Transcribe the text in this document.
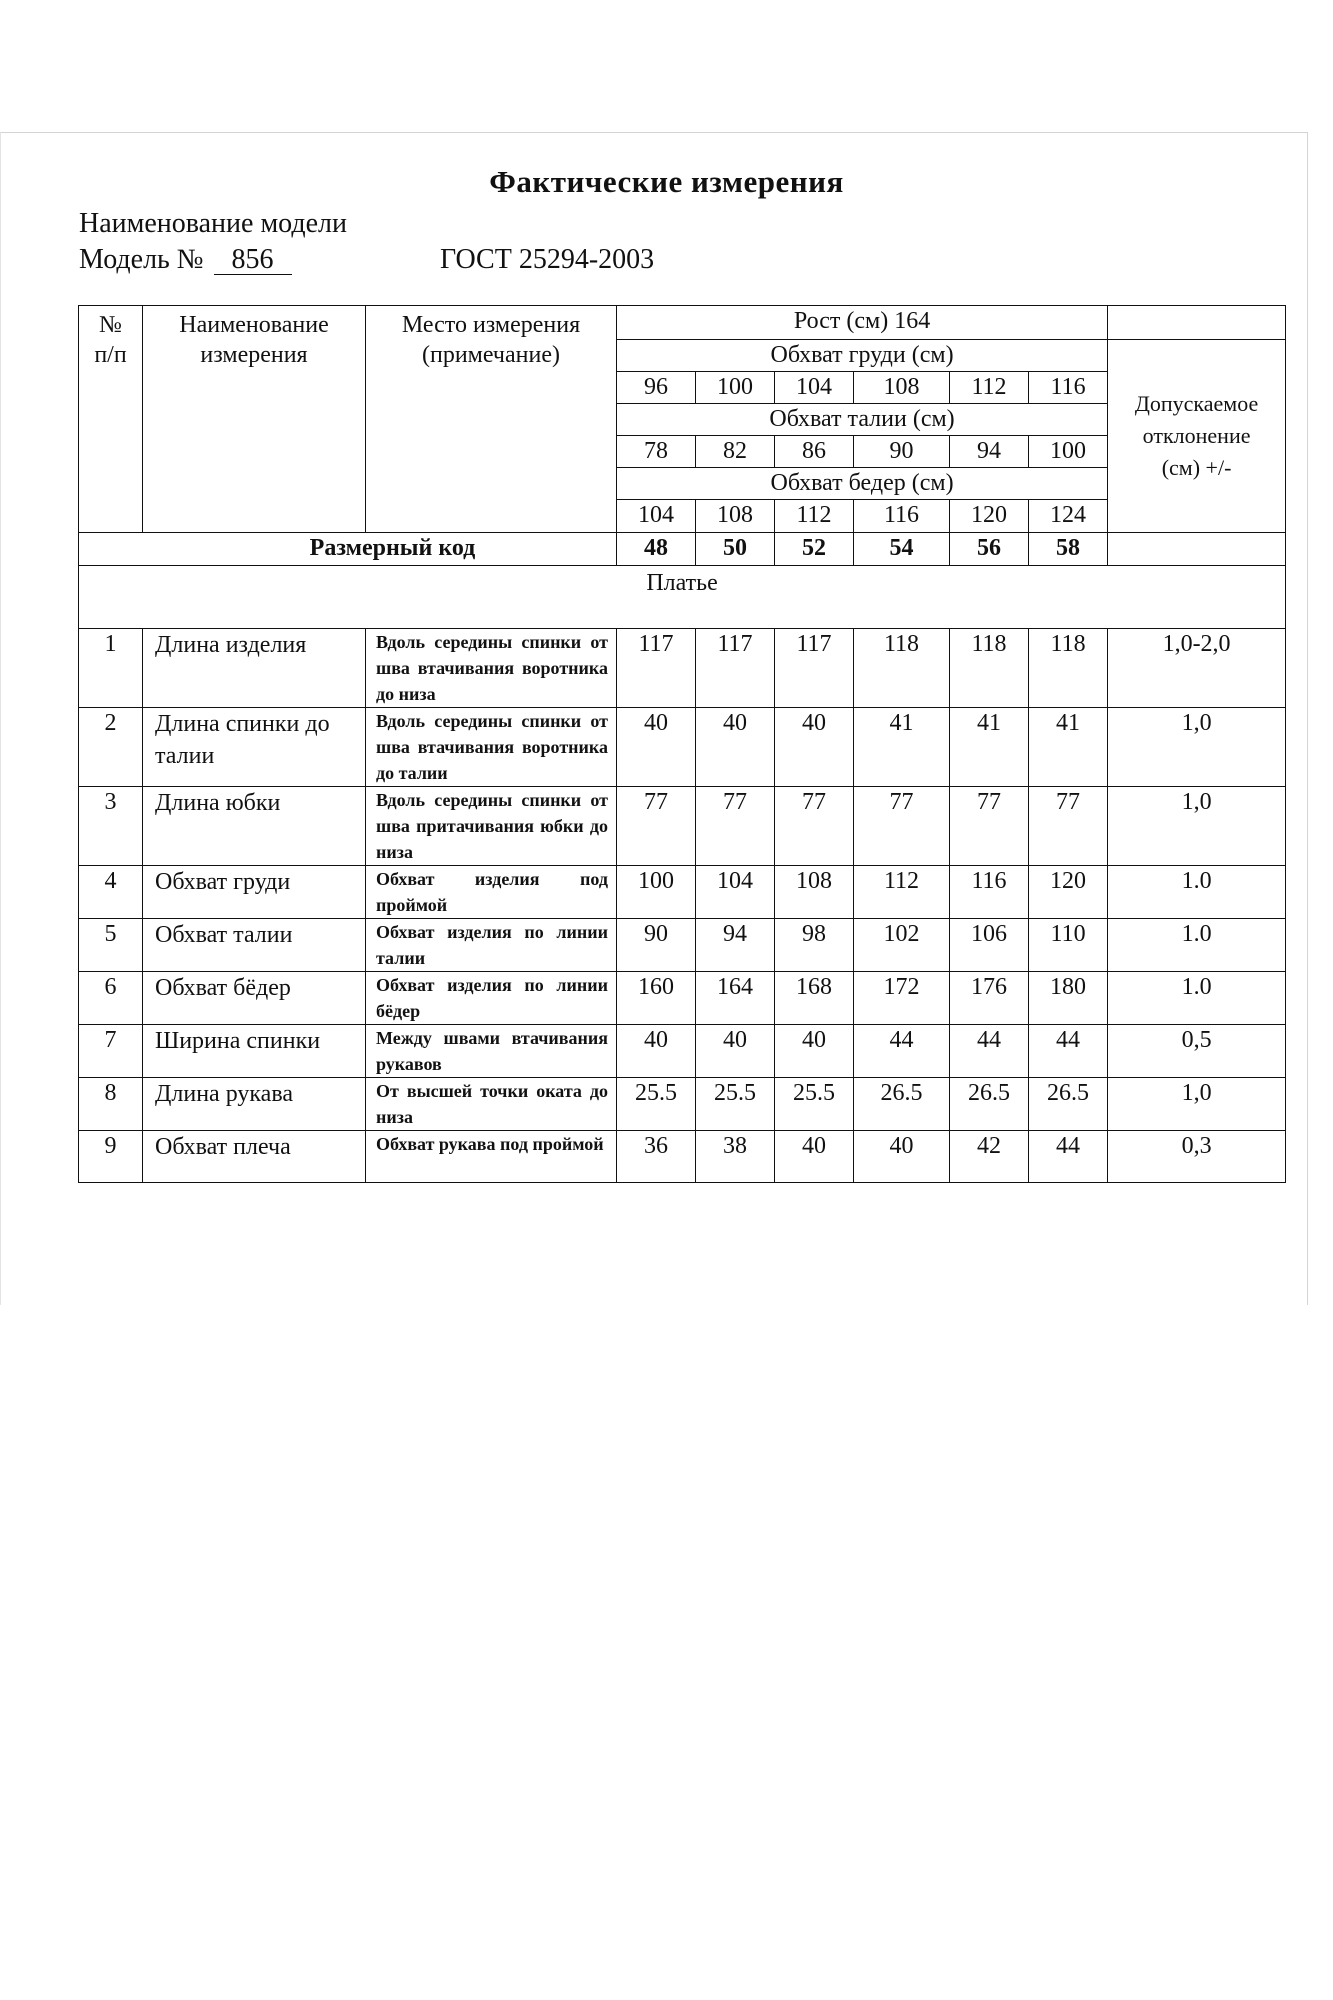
Фактические измерения
Наименование модели
Модель № 856	ГОСТ 25294-2003
№ п/п	Наименование измерения	Место измерения (примечание)	Рост (см) 164						
			Обхват груди (см)						Допускаемое отклонение (см) +/-
			96	100	104	108	112	116	
			Обхват талии (см)						
			78	82	86	90	94	100	
			Обхват бедер (см)						
			104	108	112	116	120	124	
Размерный код			48	50	52	54	56	58	
Платье									
1	Длина изделия	Вдоль середины спинки от шва втачивания воротника до низа	117	117	117	118	118	118	1,0-2,0
2	Длина спинки до талии	Вдоль середины спинки от шва втачивания воротника до талии	40	40	40	41	41	41	1,0
3	Длина юбки	Вдоль середины спинки от шва притачивания юбки до низа	77	77	77	77	77	77	1,0
4	Обхват груди	Обхват изделия под проймой	100	104	108	112	116	120	1.0
5	Обхват талии	Обхват изделия по линии талии	90	94	98	102	106	110	1.0
6	Обхват бёдер	Обхват изделия по линии бёдер	160	164	168	172	176	180	1.0
7	Ширина спинки	Между швами втачивания рукавов	40	40	40	44	44	44	0,5
8	Длина рукава	От высшей точки оката до низа	25.5	25.5	25.5	26.5	26.5	26.5	1,0
9	Обхват плеча	Обхват рукава под проймой	36	38	40	40	42	44	0,3
